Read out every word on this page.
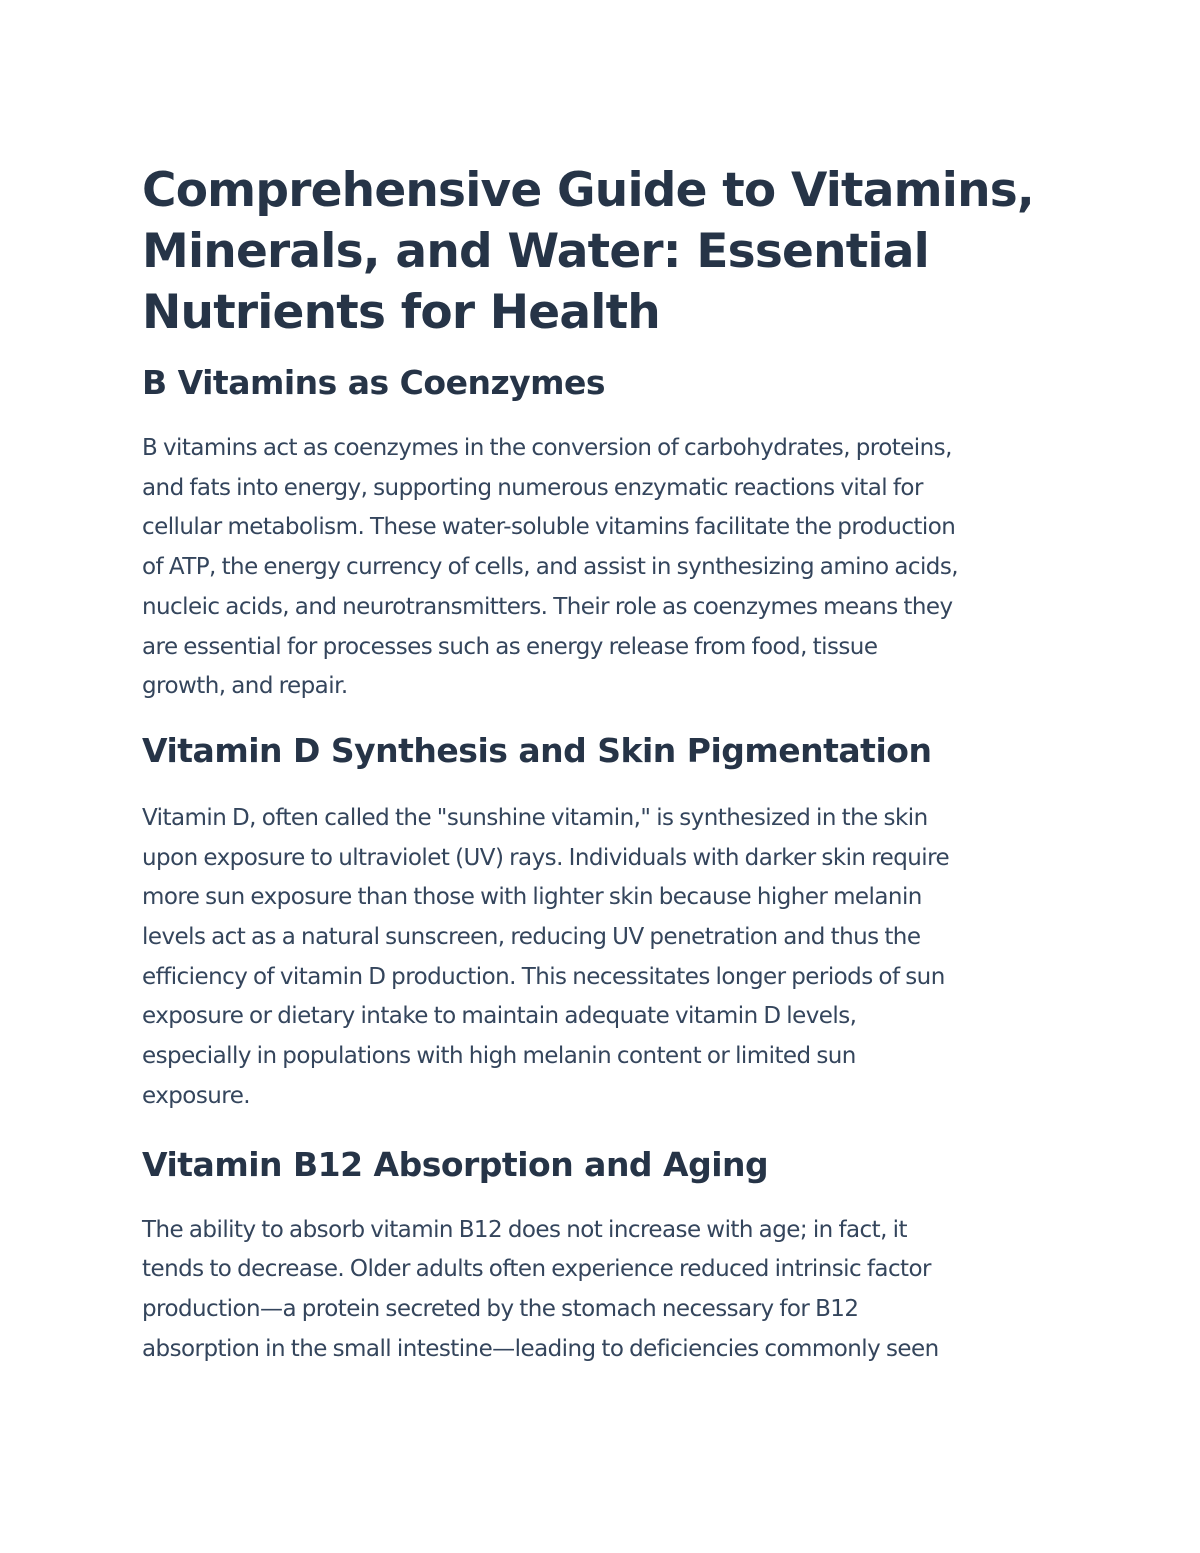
Comprehensive Guide to Vitamins,
Minerals, and Water: Essential
Nutrients for Health
B Vitamins as Coenzymes

B vitamins act as coenzymes in the conversion of carbohydrates, proteins,
and fats into energy, supporting numerous enzymatic reactions vital for
cellular metabolism. These water-soluble vitamins facilitate the production
of ATP, the energy currency of cells, and assist in synthesizing amino acids,
nucleic acids, and neurotransmitters. Their role as coenzymes means they
are essential for processes such as energy release from food, tissue
growth, and repair.

Vitamin D Synthesis and Skin Pigmentation

Vitamin D, often called the "sunshine vitamin," is synthesized in the skin
upon exposure to ultraviolet (UV) rays. Individuals with darker skin require
more sun exposure than those with lighter skin because higher melanin
levels act as a natural sunscreen, reducing UV penetration and thus the
efficiency of vitamin D production. This necessitates longer periods of sun
exposure or dietary intake to maintain adequate vitamin D levels,
especially in populations with high melanin content or limited sun
exposure.

Vitamin B12 Absorption and Aging

The ability to absorb vitamin B12 does not increase with age; in fact, it
tends to decrease. Older adults often experience reduced intrinsic factor
production—a protein secreted by the stomach necessary for B12
absorption in the small intestine—leading to deficiencies commonly seen
